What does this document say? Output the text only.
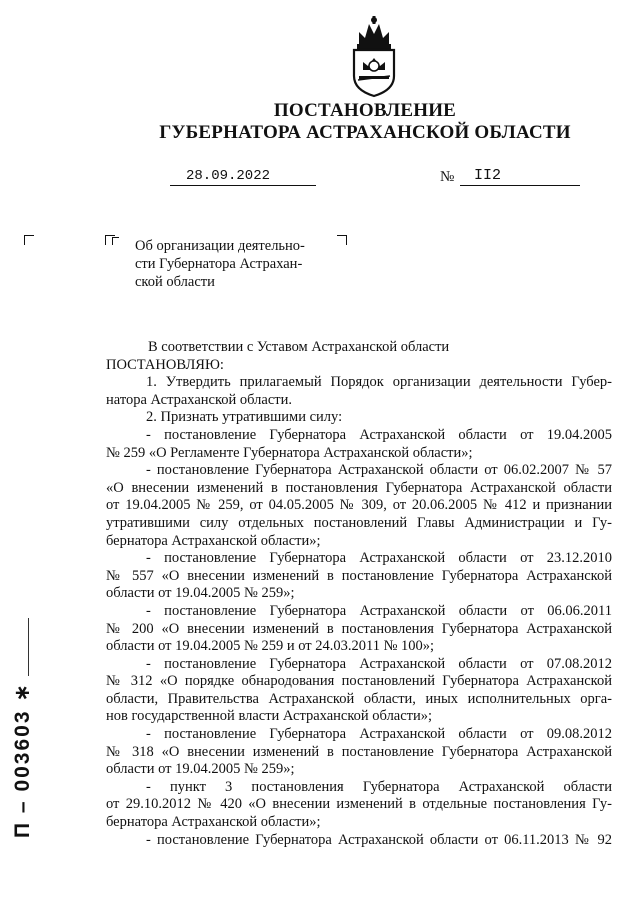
ПОСТАНОВЛЕНИЕ
ГУБЕРНАТОРА АСТРАХАНСКОЙ ОБЛАСТИ
28.09.2022	№	II2
Об организации деятельно-
сти Губернатора Астрахан-
ской области
В соответствии с Уставом Астраханской области
ПОСТАНОВЛЯЮ:
1. Утвердить прилагаемый Порядок организации деятельности Губер-
натора Астраханской области.
2. Признать утратившими силу:
- постановление Губернатора Астраханской области от 19.04.2005
№ 259 «О Регламенте Губернатора Астраханской области»;
- постановление Губернатора Астраханской области от 06.02.2007 № 57
«О внесении изменений в постановления Губернатора Астраханской области
от 19.04.2005 № 259, от 04.05.2005 № 309, от 20.06.2005 № 412 и признании
утратившими силу отдельных постановлений Главы Администрации и Гу-
бернатора Астраханской области»;
- постановление Губернатора Астраханской области от 23.12.2010
№ 557 «О внесении изменений в постановление Губернатора Астраханской
области от 19.04.2005 № 259»;
- постановление Губернатора Астраханской области от 06.06.2011
№ 200 «О внесении изменений в постановления Губернатора Астраханской
области от 19.04.2005 № 259 и от 24.03.2011 № 100»;
- постановление Губернатора Астраханской области от 07.08.2012
№ 312 «О порядке обнародования постановлений Губернатора Астраханской
области, Правительства Астраханской области, иных исполнительных орга-
нов государственной власти Астраханской области»;
- постановление Губернатора Астраханской области от 09.08.2012
№ 318 «О внесении изменений в постановление Губернатора Астраханской
области от 19.04.2005 № 259»;
- пункт 3 постановления Губернатора Астраханской области
от 29.10.2012 № 420 «О внесении изменений в отдельные постановления Гу-
бернатора Астраханской области»;
- постановление Губернатора Астраханской области от 06.11.2013 № 92
П – 003603 ∗
